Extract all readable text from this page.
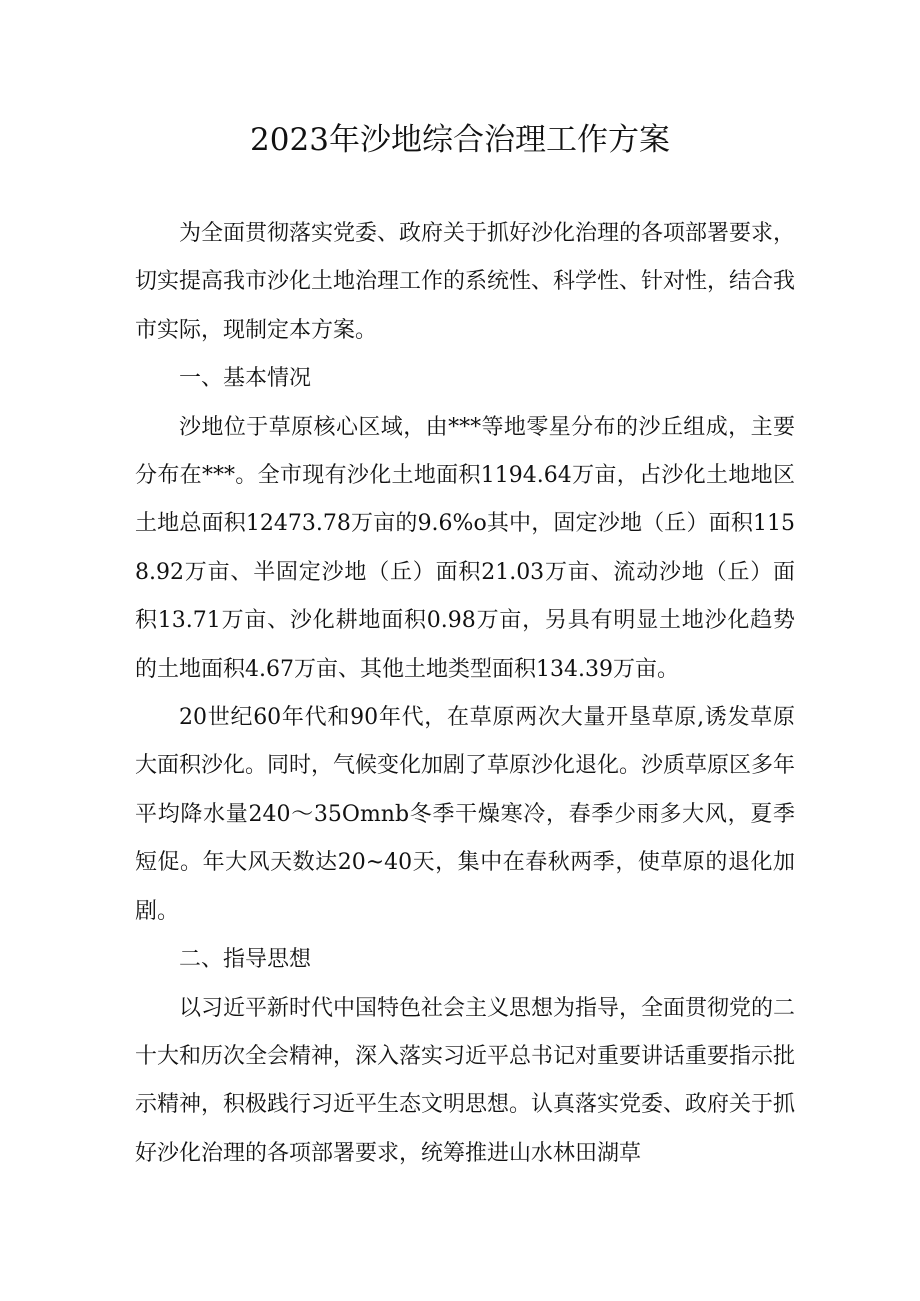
2023年沙地综合治理工作方案

为全面贯彻落实党委、政府关于抓好沙化治理的各项部署要求，切实提高我市沙化土地治理工作的系统性、科学性、针对性，结合我市实际，现制定本方案。

一、基本情况

沙地位于草原核心区域，由***等地零星分布的沙丘组成，主要分布在***。全市现有沙化土地面积1194.64万亩，占沙化土地地区土地总面积12473.78万亩的9.6%o其中，固定沙地（丘）面积1158.92万亩、半固定沙地（丘）面积21.03万亩、流动沙地（丘）面积13.71万亩、沙化耕地面积0.98万亩，另具有明显土地沙化趋势的土地面积4.67万亩、其他土地类型面积134.39万亩。

20世纪60年代和90年代，在草原两次大量开垦草原,诱发草原大面积沙化。同时，气候变化加剧了草原沙化退化。沙质草原区多年平均降水量240～35Omnb冬季干燥寒冷，春季少雨多大风，夏季短促。年大风天数达20~40天，集中在春秋两季，使草原的退化加剧。

二、指导思想

以习近平新时代中国特色社会主义思想为指导，全面贯彻党的二十大和历次全会精神，深入落实习近平总书记对重要讲话重要指示批示精神，积极践行习近平生态文明思想。认真落实党委、政府关于抓好沙化治理的各项部署要求，统筹推进山水林田湖草
